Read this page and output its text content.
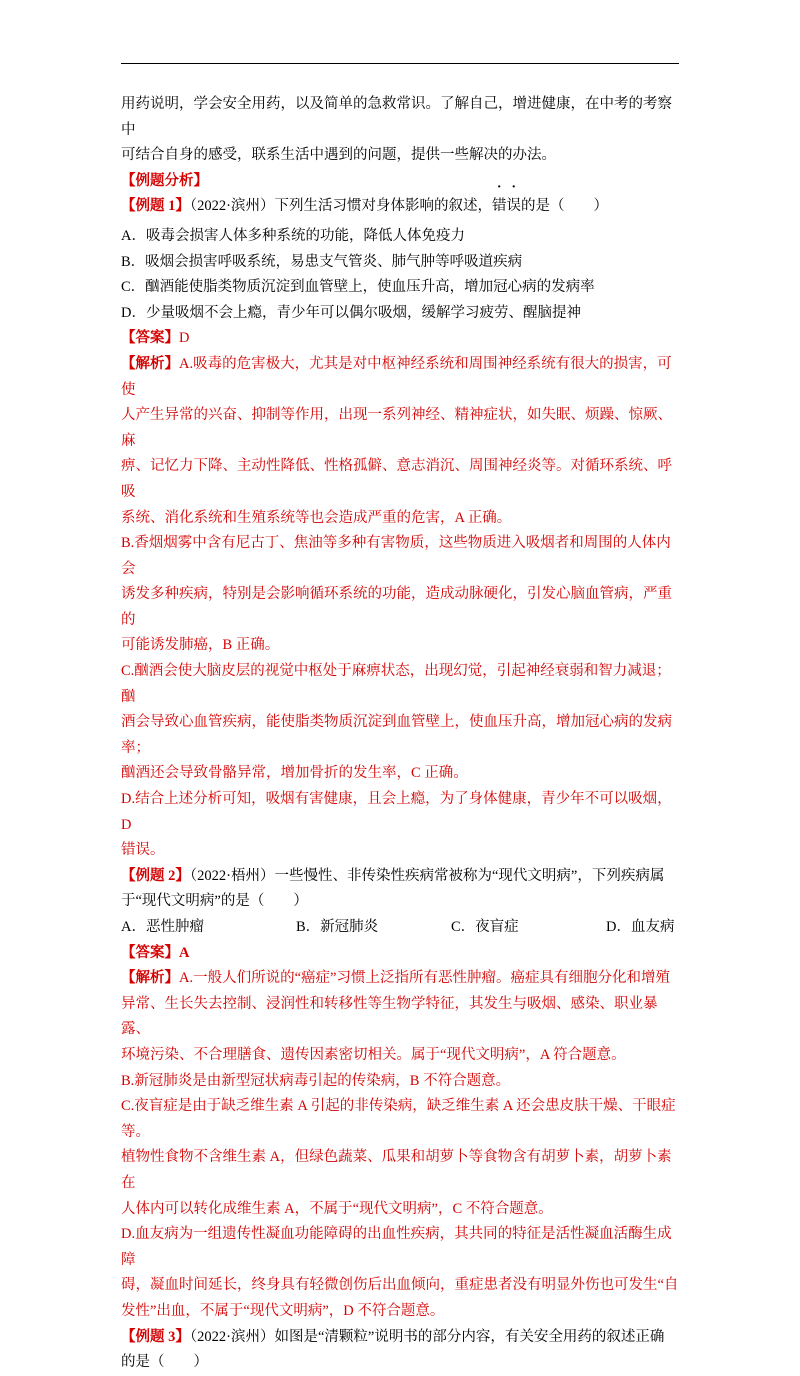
用药说明，学会安全用药，以及简单的急救常识。了解自己，增进健康，在中考的考察中

可结合自身的感受，联系生活中遇到的问题，提供一些解决的办法。

【例题分析】

【例题 1】（2022·滨州）下列生活习惯对身体影响的叙述，错误的是（　　）

A．吸毒会损害人体多种系统的功能，降低人体免疫力

B．吸烟会损害呼吸系统，易患支气管炎、肺气肿等呼吸道疾病

C．酗酒能使脂类物质沉淀到血管壁上，使血压升高，增加冠心病的发病率

D．少量吸烟不会上瘾，青少年可以偶尔吸烟，缓解学习疲劳、醒脑提神

【答案】D

【解析】A.吸毒的危害极大，尤其是对中枢神经系统和周围神经系统有很大的损害，可使

人产生异常的兴奋、抑制等作用，出现一系列神经、精神症状，如失眠、烦躁、惊厥、麻

痹、记忆力下降、主动性降低、性格孤僻、意志消沉、周围神经炎等。对循环系统、呼吸

系统、消化系统和生殖系统等也会造成严重的危害，A 正确。

B.香烟烟雾中含有尼古丁、焦油等多种有害物质，这些物质进入吸烟者和周围的人体内会

诱发多种疾病，特别是会影响循环系统的功能，造成动脉硬化，引发心脑血管病，严重的

可能诱发肺癌，B 正确。

C.酗酒会使大脑皮层的视觉中枢处于麻痹状态，出现幻觉，引起神经衰弱和智力减退；酗

酒会导致心血管疾病，能使脂类物质沉淀到血管壁上，使血压升高，增加冠心病的发病率；

酗酒还会导致骨骼异常，增加骨折的发生率，C 正确。

D.结合上述分析可知，吸烟有害健康，且会上瘾，为了身体健康，青少年不可以吸烟，D

错误。

【例题 2】（2022·梧州）一些慢性、非传染性疾病常被称为“现代文明病”，下列疾病属

于“现代文明病”的是（　　）

A．恶性肿瘤	B．新冠肺炎	C．夜盲症	D．血友病

【答案】A

【解析】A.一般人们所说的“癌症”习惯上泛指所有恶性肿瘤。癌症具有细胞分化和增殖

异常、生长失去控制、浸润性和转移性等生物学特征，其发生与吸烟、感染、职业暴露、

环境污染、不合理膳食、遗传因素密切相关。属于“现代文明病”，A 符合题意。

B.新冠肺炎是由新型冠状病毒引起的传染病，B 不符合题意。

C.夜盲症是由于缺乏维生素 A 引起的非传染病，缺乏维生素 A 还会患皮肤干燥、干眼症等。

植物性食物不含维生素 A，但绿色蔬菜、瓜果和胡萝卜等食物含有胡萝卜素，胡萝卜素在

人体内可以转化成维生素 A，不属于“现代文明病”，C 不符合题意。

D.血友病为一组遗传性凝血功能障碍的出血性疾病，其共同的特征是活性凝血活酶生成障

碍，凝血时间延长，终身具有轻微创伤后出血倾向，重症患者没有明显外伤也可发生“自

发性”出血，不属于“现代文明病”，D 不符合题意。

【例题 3】（2022·滨州）如图是“清颗粒”说明书的部分内容，有关安全用药的叙述正确

的是（　　）
